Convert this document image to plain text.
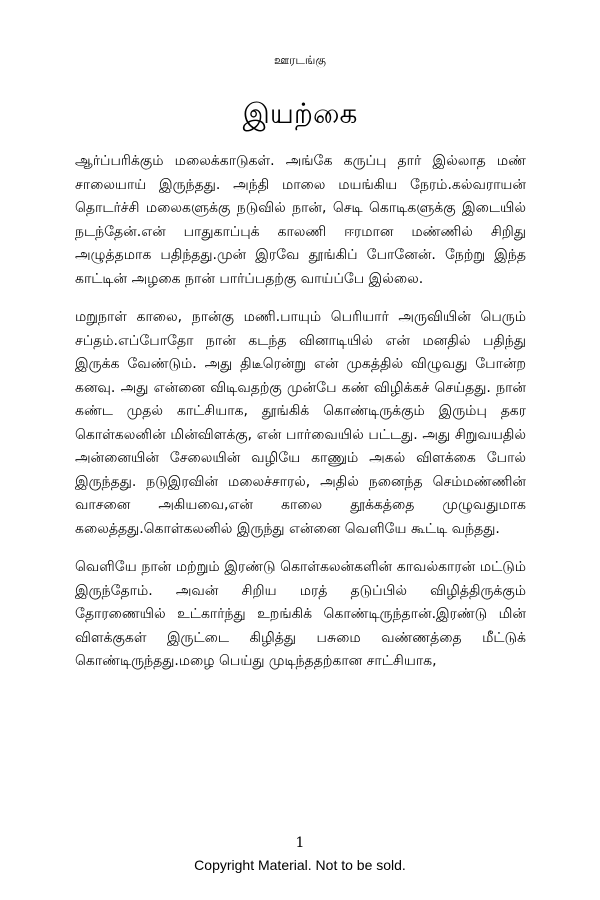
ஊரடங்கு
இயற்கை

ஆர்ப்பரிக்கும் மலைக்காடுகள். அங்கே கருப்பு தார் இல்லாத மண் சாலையாய் இருந்தது. அந்தி மாலை மயங்கிய நேரம்.கல்வராயன் தொடர்ச்சி மலைகளுக்கு நடுவில் நான், செடி கொடிகளுக்கு இடையில் நடந்தேன்.என் பாதுகாப்புக் காலணி ஈரமான மண்ணில் சிறிது அழுத்தமாக பதிந்தது.முன் இரவே தூங்கிப் போனேன். நேற்று இந்த காட்டின் அழகை நான் பார்ப்பதற்கு வாய்ப்பே இல்லை.

மறுநாள் காலை, நான்கு மணி.பாயும் பெரியார் அருவியின் பெரும் சப்தம்.எப்போதோ நான் கடந்த வினாடியில் என் மனதில் பதிந்து இருக்க வேண்டும். அது திடீரென்று என் முகத்தில் விழுவது போன்ற கனவு. அது என்னை விடிவதற்கு முன்பே கண் விழிக்கச் செய்தது. நான் கண்ட முதல் காட்சியாக, தூங்கிக் கொண்டிருக்கும் இரும்பு தகர கொள்கலனின் மின்விளக்கு, என் பார்வையில் பட்டது. அது சிறுவயதில் அன்னையின் சேலையின் வழியே காணும் அகல் விளக்கை போல் இருந்தது. நடுஇரவின் மலைச்சாரல், அதில் நனைந்த செம்மண்ணின் வாசனை அகியவை,என் காலை தூக்கத்தை முழுவதுமாக கலைத்தது.கொள்கலனில் இருந்து என்னை வெளியே கூட்டி வந்தது.

வெளியே நான் மற்றும் இரண்டு கொள்கலன்களின் காவல்காரன் மட்டும் இருந்தோம். அவன் சிறிய மரத் தடுப்பில் விழித்திருக்கும் தோரணையில் உட்கார்ந்து உறங்கிக் கொண்டிருந்தான்.இரண்டு மின் விளக்குகள் இருட்டை கிழித்து பசுமை வண்ணத்தை மீட்டுக் கொண்டிருந்தது.மழை பெய்து முடிந்ததற்கான சாட்சியாக,

1
Copyright Material. Not to be sold.
